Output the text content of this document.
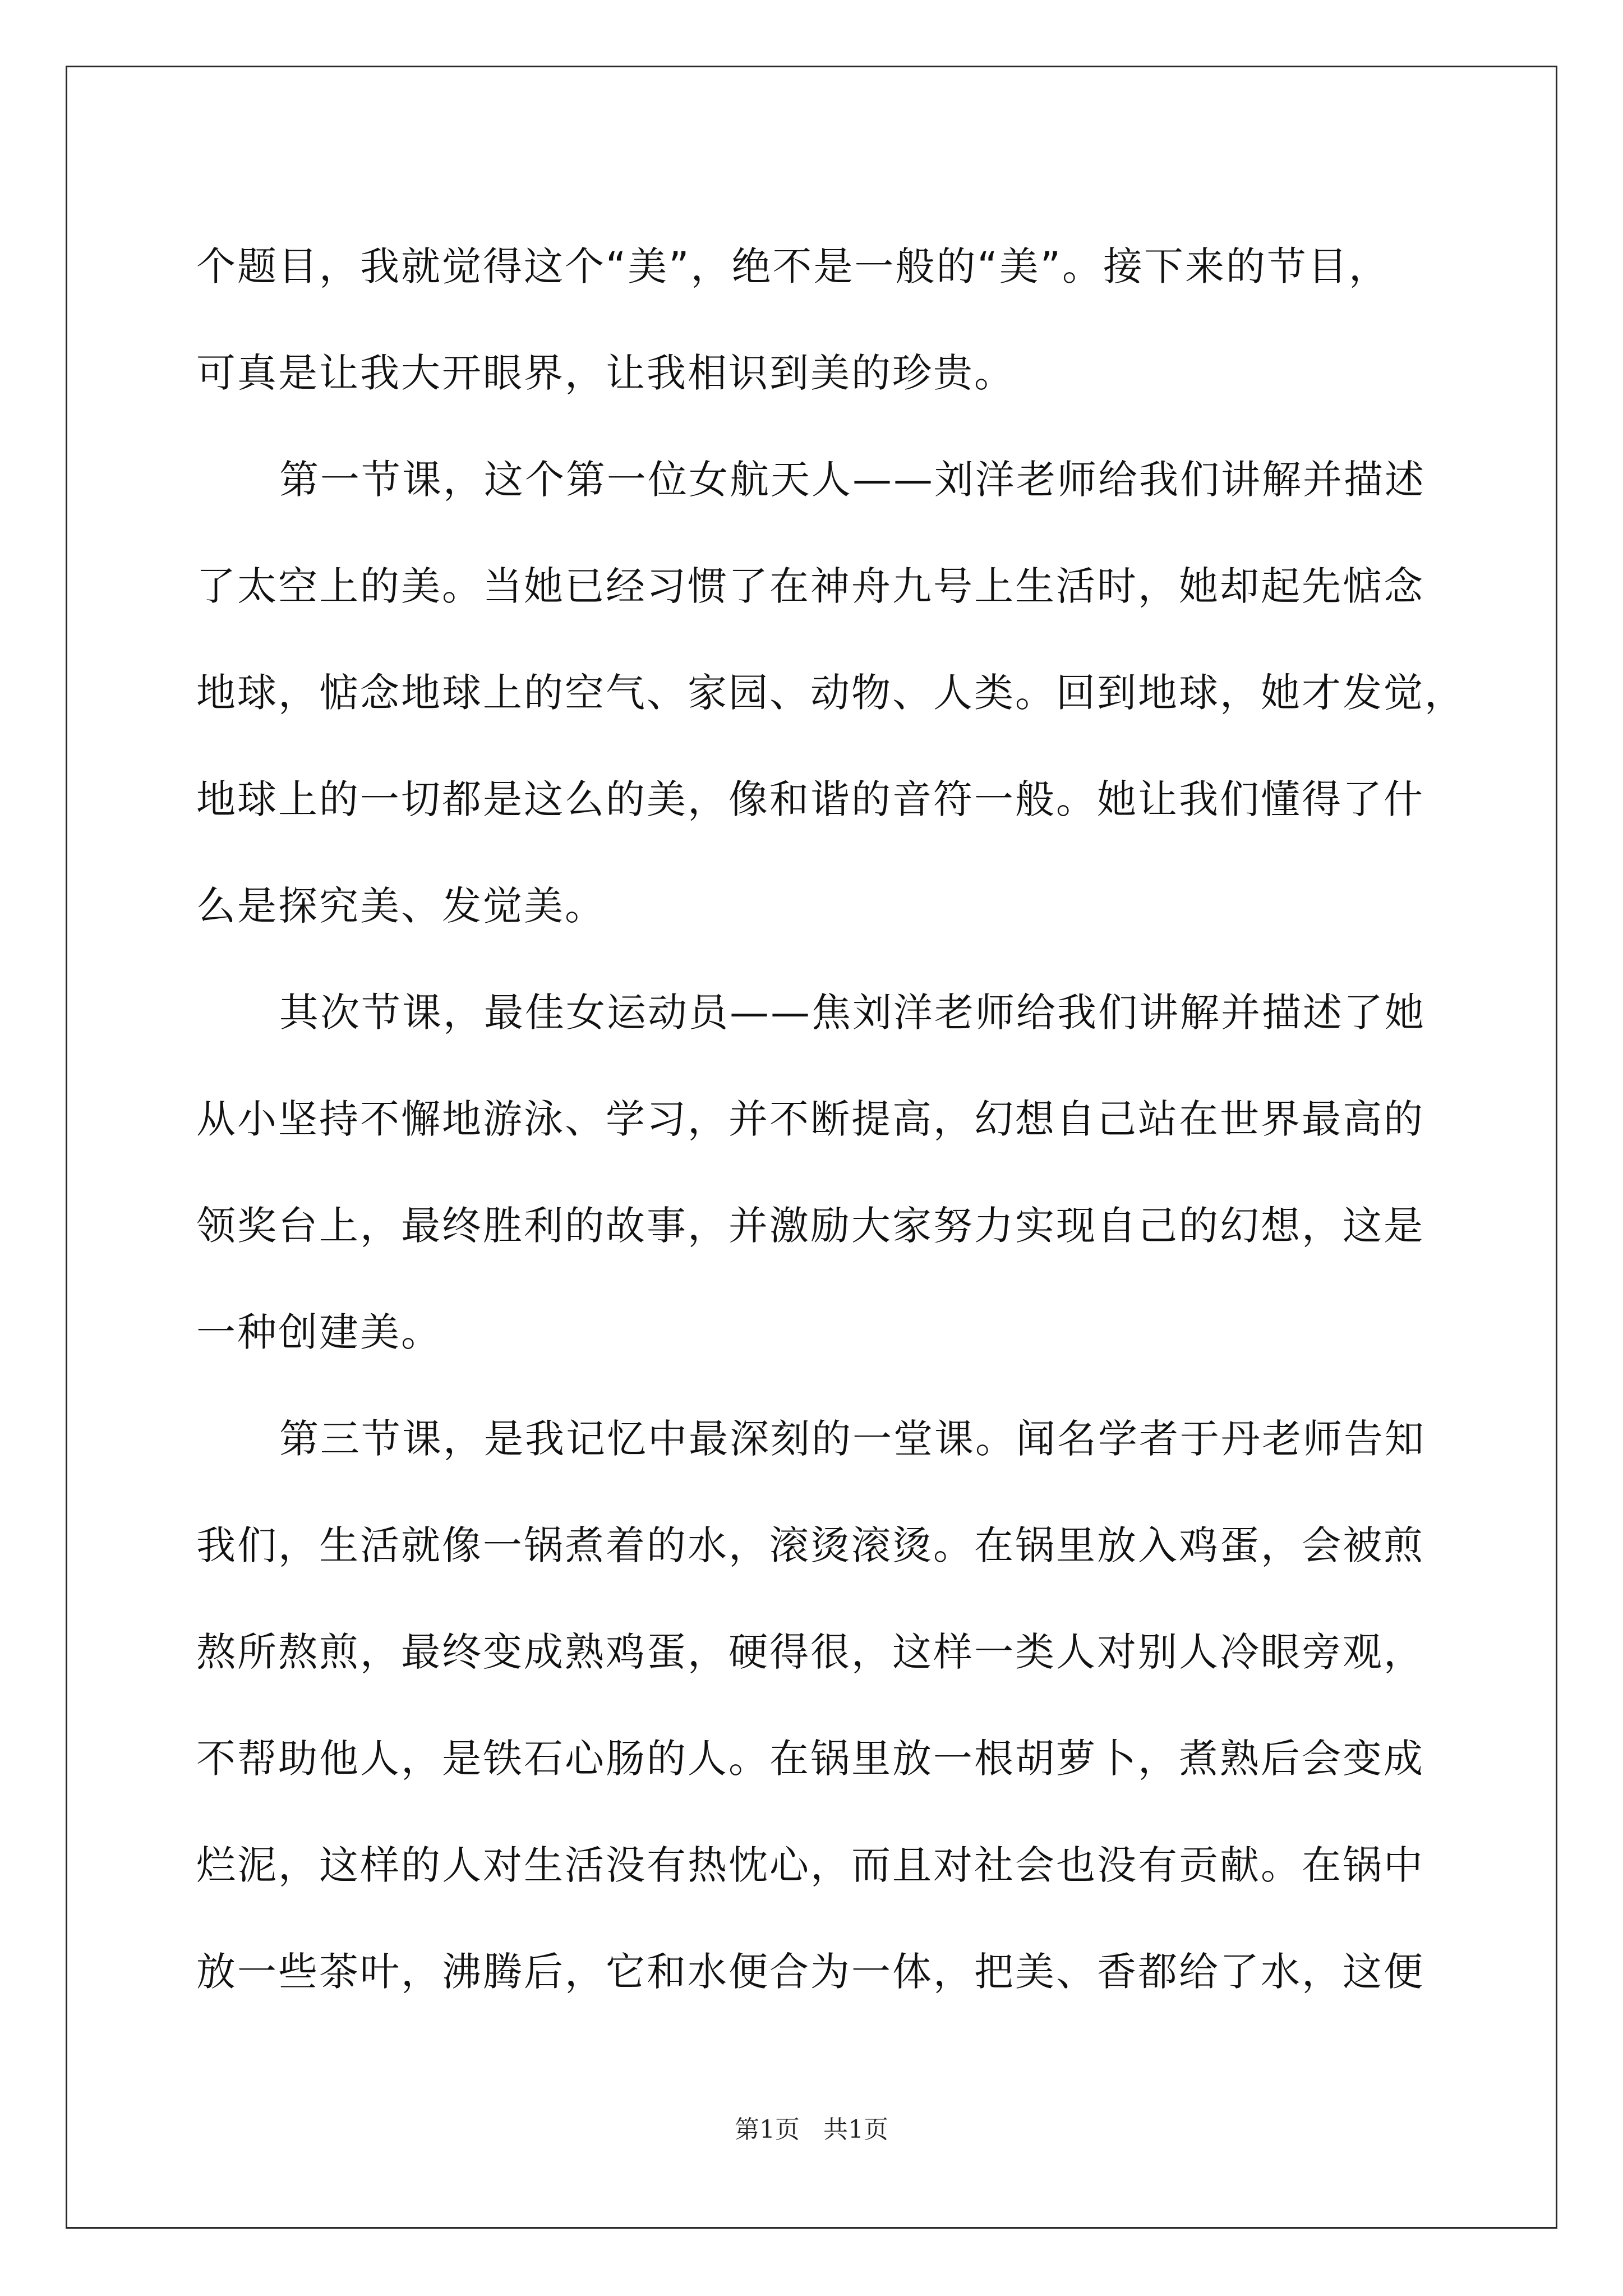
个题目，我就觉得这个“美”，绝不是一般的“美”。接下来的节目，
可真是让我大开眼界，让我相识到美的珍贵。
第一节课，这个第一位女航天人——刘洋老师给我们讲解并描述
了太空上的美。当她已经习惯了在神舟九号上生活时，她却起先惦念
地球，惦念地球上的空气、家园、动物、人类。回到地球，她才发觉，
地球上的一切都是这么的美，像和谐的音符一般。她让我们懂得了什
么是探究美、发觉美。
其次节课，最佳女运动员——焦刘洋老师给我们讲解并描述了她
从小坚持不懈地游泳、学习，并不断提高，幻想自己站在世界最高的
领奖台上，最终胜利的故事，并激励大家努力实现自己的幻想，这是
一种创建美。
第三节课，是我记忆中最深刻的一堂课。闻名学者于丹老师告知
我们，生活就像一锅煮着的水，滚烫滚烫。在锅里放入鸡蛋，会被煎
熬所熬煎，最终变成熟鸡蛋，硬得很，这样一类人对别人冷眼旁观，
不帮助他人，是铁石心肠的人。在锅里放一根胡萝卜，煮熟后会变成
烂泥，这样的人对生活没有热忱心，而且对社会也没有贡献。在锅中
放一些茶叶，沸腾后，它和水便合为一体，把美、香都给了水，这便
第1页 共1页
